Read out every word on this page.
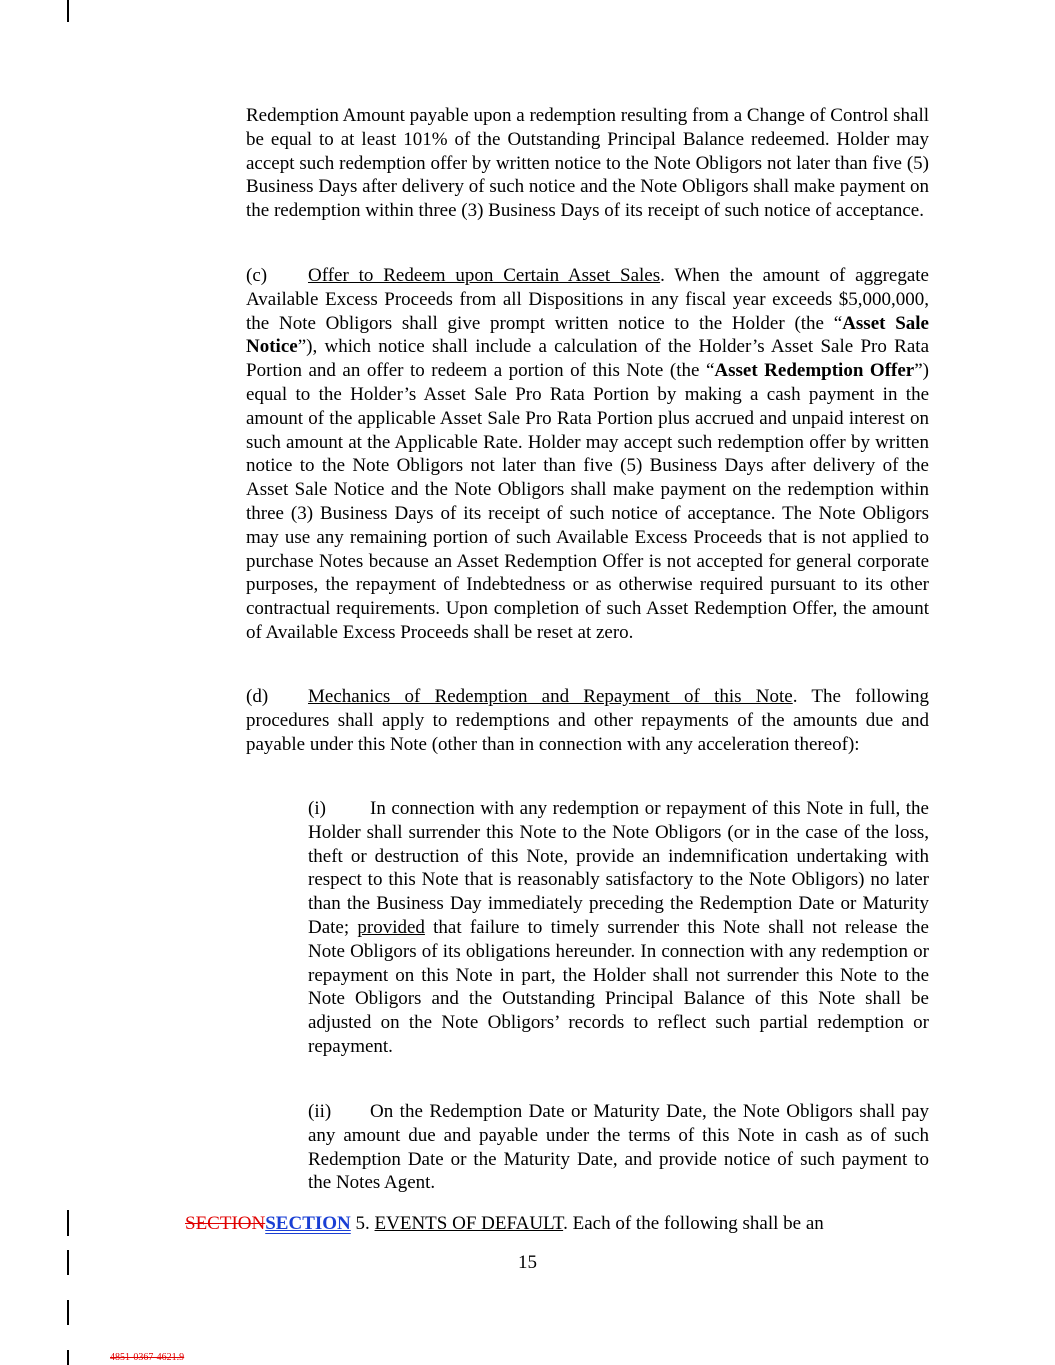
Redemption Amount payable upon a redemption resulting from a Change of Control shall be equal to at least 101% of the Outstanding Principal Balance redeemed. Holder may accept such redemption offer by written notice to the Note Obligors not later than five (5) Business Days after delivery of such notice and the Note Obligors shall make payment on the redemption within three (3) Business Days of its receipt of such notice of acceptance.

(c) Offer to Redeem upon Certain Asset Sales. When the amount of aggregate Available Excess Proceeds from all Dispositions in any fiscal year exceeds $5,000,000, the Note Obligors shall give prompt written notice to the Holder (the “Asset Sale Notice”), which notice shall include a calculation of the Holder’s Asset Sale Pro Rata Portion and an offer to redeem a portion of this Note (the “Asset Redemption Offer”) equal to the Holder’s Asset Sale Pro Rata Portion by making a cash payment in the amount of the applicable Asset Sale Pro Rata Portion plus accrued and unpaid interest on such amount at the Applicable Rate. Holder may accept such redemption offer by written notice to the Note Obligors not later than five (5) Business Days after delivery of the Asset Sale Notice and the Note Obligors shall make payment on the redemption within three (3) Business Days of its receipt of such notice of acceptance. The Note Obligors may use any remaining portion of such Available Excess Proceeds that is not applied to purchase Notes because an Asset Redemption Offer is not accepted for general corporate purposes, the repayment of Indebtedness or as otherwise required pursuant to its other contractual requirements. Upon completion of such Asset Redemption Offer, the amount of Available Excess Proceeds shall be reset at zero.

(d) Mechanics of Redemption and Repayment of this Note. The following procedures shall apply to redemptions and other repayments of the amounts due and payable under this Note (other than in connection with any acceleration thereof):

(i) In connection with any redemption or repayment of this Note in full, the Holder shall surrender this Note to the Note Obligors (or in the case of the loss, theft or destruction of this Note, provide an indemnification undertaking with respect to this Note that is reasonably satisfactory to the Note Obligors) no later than the Business Day immediately preceding the Redemption Date or Maturity Date; provided that failure to timely surrender this Note shall not release the Note Obligors of its obligations hereunder. In connection with any redemption or repayment on this Note in part, the Holder shall not surrender this Note to the Note Obligors and the Outstanding Principal Balance of this Note shall be adjusted on the Note Obligors’ records to reflect such partial redemption or repayment.

(ii) On the Redemption Date or Maturity Date, the Note Obligors shall pay any amount due and payable under the terms of this Note in cash as of such Redemption Date or the Maturity Date, and provide notice of such payment to the Notes Agent.

SECTIONSECTION 5. EVENTS OF DEFAULT. Each of the following shall be an

15
4851-0367-4621.9
